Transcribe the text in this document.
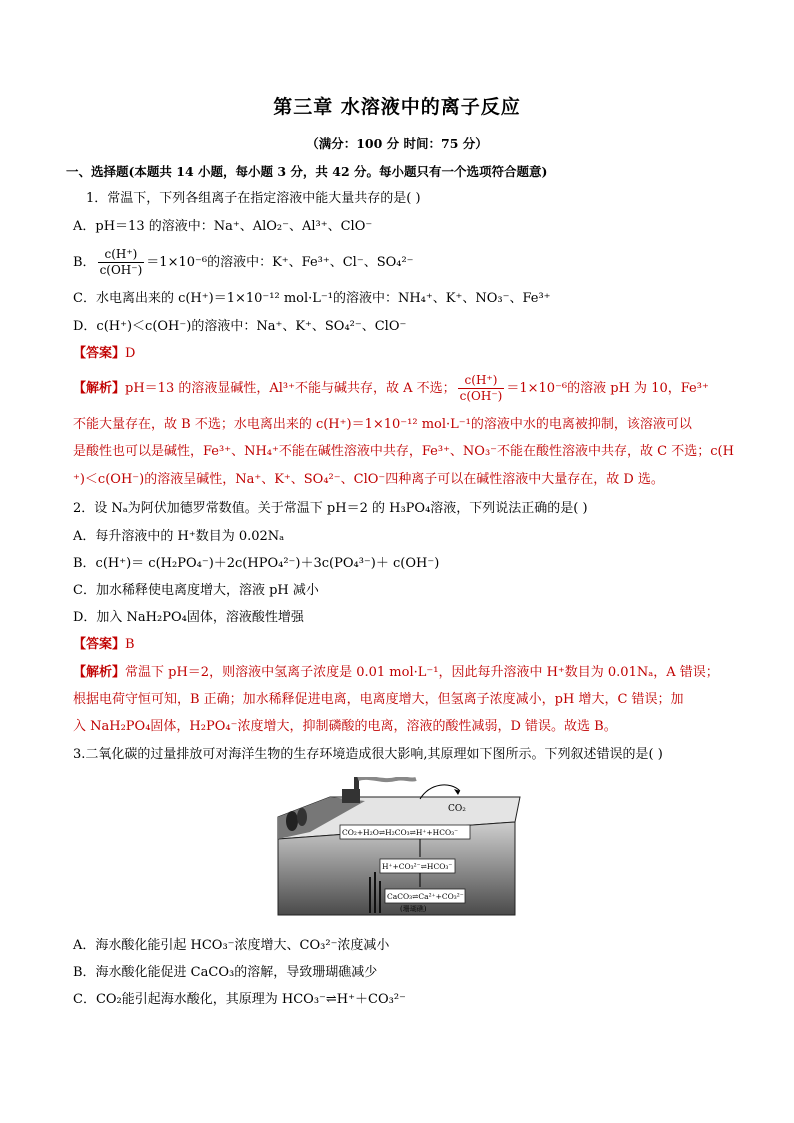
第三章 水溶液中的离子反应
（满分：100 分 时间：75 分）
一、选择题(本题共 14 小题，每小题 3 分，共 42 分。每小题只有一个选项符合题意)
1．常温下，下列各组离子在指定溶液中能大量共存的是( )
A．pH＝13 的溶液中：Na⁺、AlO₂⁻、Al³⁺、ClO⁻
B． $\frac{c(H^+)}{c(OH^-)} =1\times 10^{-6}$的溶液中：K⁺、Fe³⁺、Cl⁻、SO₄²⁻
C．水电离出来的 c(H⁺)＝1×10⁻¹² mol·L⁻¹的溶液中：NH₄⁺、K⁺、NO₃⁻、Fe³⁺
D．c(H⁺)＜c(OH⁻)的溶液中：Na⁺、K⁺、SO₄²⁻、ClO⁻
【答案】D
【解析】pH＝13 的溶液显碱性，Al³⁺不能与碱共存，故 A 不选； $\frac{c(H^+)}{c(OH^-)} =1\times 10^{-6}$的溶液 pH 为 10，Fe³⁺
不能大量存在，故 B 不选；水电离出来的 c(H⁺)＝1×10⁻¹² mol·L⁻¹的溶液中水的电离被抑制，该溶液可以
是酸性也可以是碱性，Fe³⁺、NH₄⁺不能在碱性溶液中共存，Fe³⁺、NO₃⁻不能在酸性溶液中共存，故 C 不选；c(H
⁺)＜c(OH⁻)的溶液呈碱性，Na⁺、K⁺、SO₄²⁻、ClO⁻四种离子可以在碱性溶液中大量存在，故 D 选。
2．设 Nₐ为阿伏加德罗常数值。关于常温下 pH＝2 的 H₃PO₄溶液，下列说法正确的是( )
A．每升溶液中的 H⁺数目为 0.02Nₐ
B．c(H⁺)＝ c(H₂PO₄⁻)＋2c(HPO₄²⁻)＋3c(PO₄³⁻)＋ c(OH⁻)
C．加水稀释使电离度增大，溶液 pH 减小
D．加入 NaH₂PO₄固体，溶液酸性增强
【答案】B
【解析】常温下 pH＝2，则溶液中氢离子浓度是 0.01 mol·L⁻¹，因此每升溶液中 H⁺数目为 0.01Nₐ，A 错误；
根据电荷守恒可知，B 正确；加水稀释促进电离，电离度增大，但氢离子浓度减小，pH 增大，C 错误；加
入 NaH₂PO₄固体，H₂PO₄⁻浓度增大，抑制磷酸的电离，溶液的酸性减弱，D 错误。故选 B。
3.二氧化碳的过量排放可对海洋生物的生存环境造成很大影响,其原理如下图所示。下列叙述错误的是( )
CO₂
CO₂+H₂O⇌H₂CO₃⇌H⁺+HCO₃⁻
H⁺+CO₃²⁻⇌HCO₃⁻
CaCO₃⇌Ca²⁺+CO₃²⁻
(珊瑚礁)
A．海水酸化能引起 HCO₃⁻浓度增大、CO₃²⁻浓度减小
B．海水酸化能促进 CaCO₃的溶解，导致珊瑚礁减少
C．CO₂能引起海水酸化，其原理为 HCO₃⁻⇌H⁺＋CO₃²⁻
